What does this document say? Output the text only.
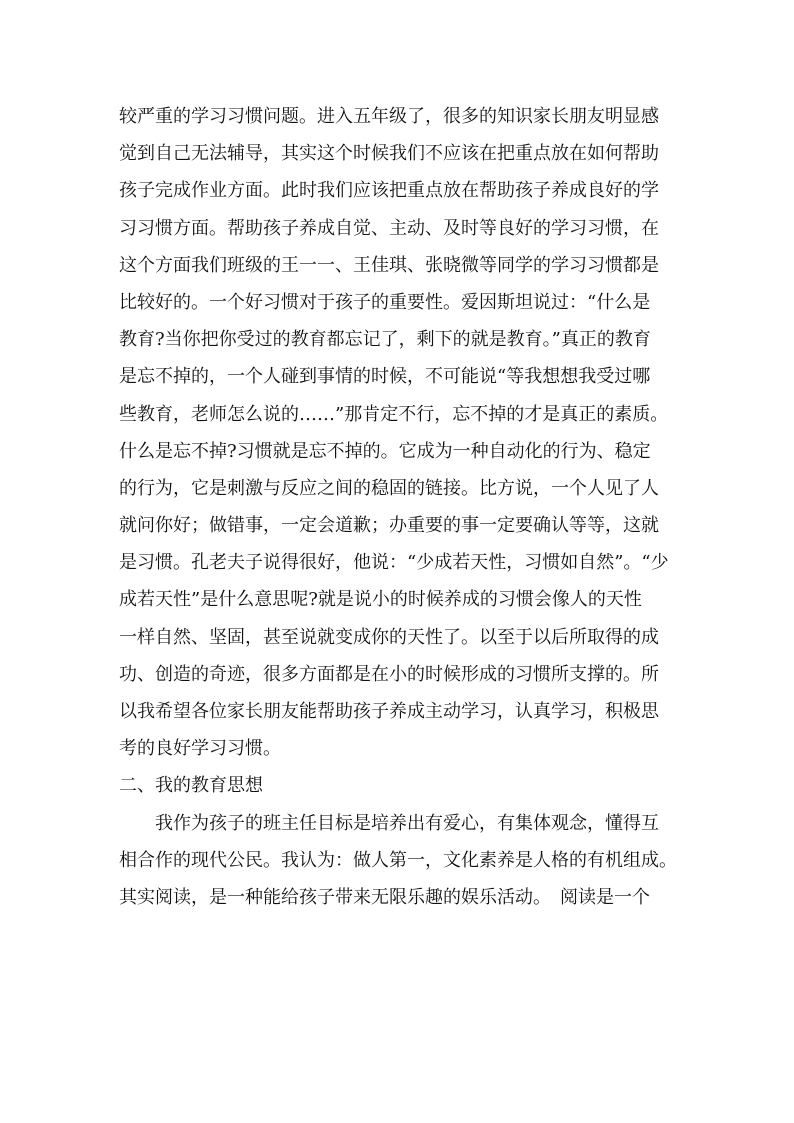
较严重的学习习惯问题。进入五年级了，很多的知识家长朋友明显感
觉到自己无法辅导，其实这个时候我们不应该在把重点放在如何帮助
孩子完成作业方面。此时我们应该把重点放在帮助孩子养成良好的学
习习惯方面。帮助孩子养成自觉、主动、及时等良好的学习习惯，在
这个方面我们班级的王一一、王佳琪、张晓微等同学的学习习惯都是
比较好的。一个好习惯对于孩子的重要性。爱因斯坦说过：“什么是
教育?当你把你受过的教育都忘记了，剩下的就是教育。”真正的教育
是忘不掉的，一个人碰到事情的时候，不可能说“等我想想我受过哪
些教育，老师怎么说的……”那肯定不行，忘不掉的才是真正的素质。
什么是忘不掉?习惯就是忘不掉的。它成为一种自动化的行为、稳定
的行为，它是刺激与反应之间的稳固的链接。比方说，一个人见了人
就问你好；做错事，一定会道歉；办重要的事一定要确认等等，这就
是习惯。孔老夫子说得很好，他说：“少成若天性，习惯如自然”。“少
成若天性”是什么意思呢?就是说小的时候养成的习惯会像人的天性
一样自然、坚固，甚至说就变成你的天性了。以至于以后所取得的成
功、创造的奇迹，很多方面都是在小的时候形成的习惯所支撑的。所
以我希望各位家长朋友能帮助孩子养成主动学习，认真学习，积极思
考的良好学习习惯。
二、我的教育思想
我作为孩子的班主任目标是培养出有爱心，有集体观念，懂得互
相合作的现代公民。我认为：做人第一，文化素养是人格的有机组成。
其实阅读，是一种能给孩子带来无限乐趣的娱乐活动。　阅读是一个
